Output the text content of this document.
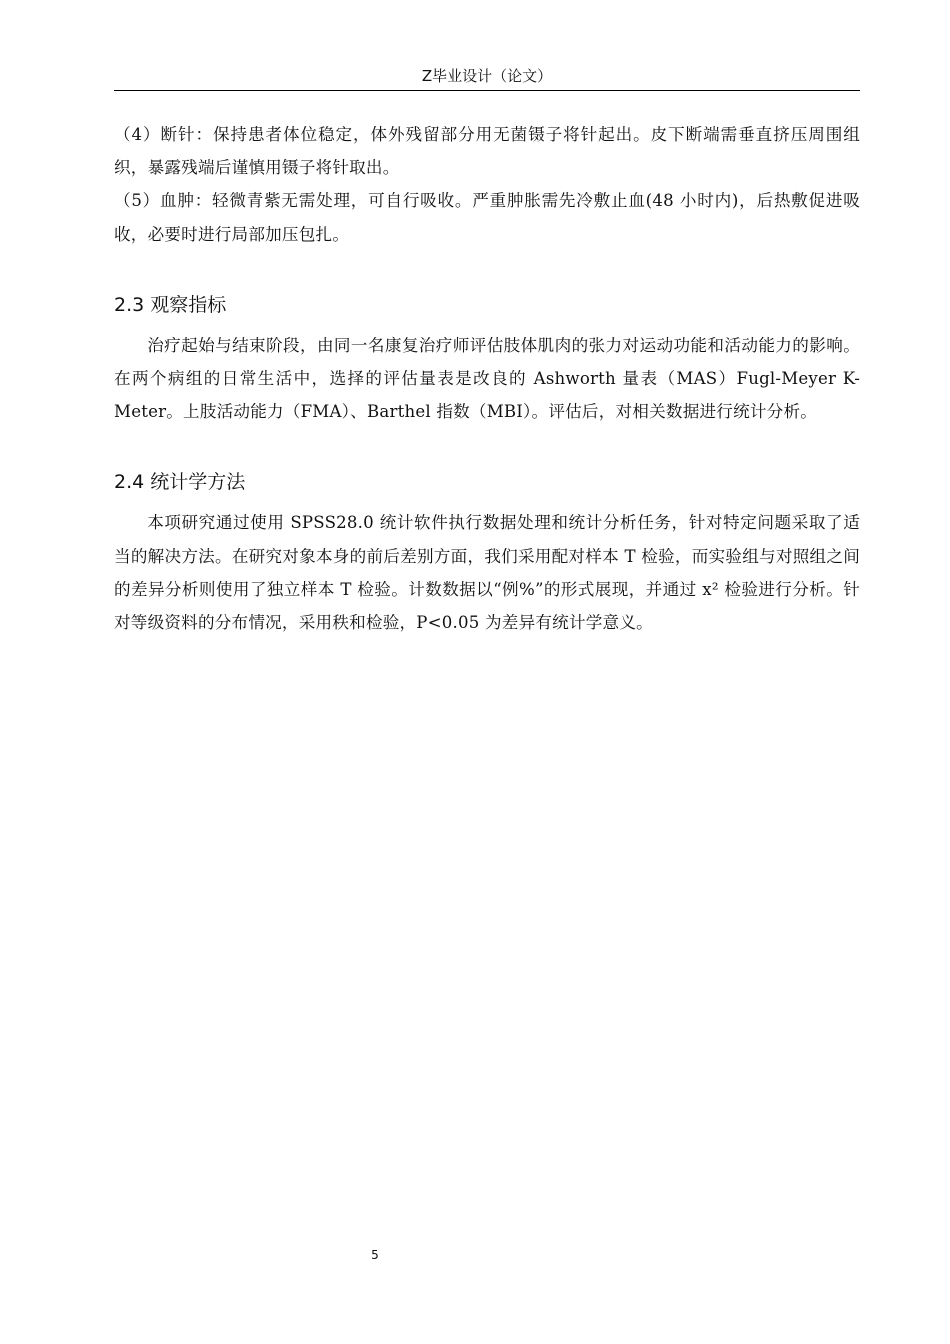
Z毕业设计（论文）

（4）断针：保持患者体位稳定，体外残留部分用无菌镊子将针起出。皮下断端需垂直挤压周围组织，暴露残端后谨慎用镊子将针取出。

（5）血肿：轻微青紫无需处理，可自行吸收。严重肿胀需先冷敷止血(48 小时内)，后热敷促进吸收，必要时进行局部加压包扎。

2.3 观察指标

治疗起始与结束阶段，由同一名康复治疗师评估肢体肌肉的张力对运动功能和活动能力的影响。在两个病组的日常生活中，选择的评估量表是改良的 Ashworth 量表（MAS）Fugl-Meyer K-Meter。上肢活动能力（FMA）、Barthel 指数（MBI）。评估后，对相关数据进行统计分析。

2.4 统计学方法

本项研究通过使用 SPSS28.0 统计软件执行数据处理和统计分析任务，针对特定问题采取了适当的解决方法。在研究对象本身的前后差别方面，我们采用配对样本 T 检验，而实验组与对照组之间的差异分析则使用了独立样本 T 检验。计数数据以“例%”的形式展现，并通过 x² 检验进行分析。针对等级资料的分布情况，采用秩和检验，P<0.05 为差异有统计学意义。

5
